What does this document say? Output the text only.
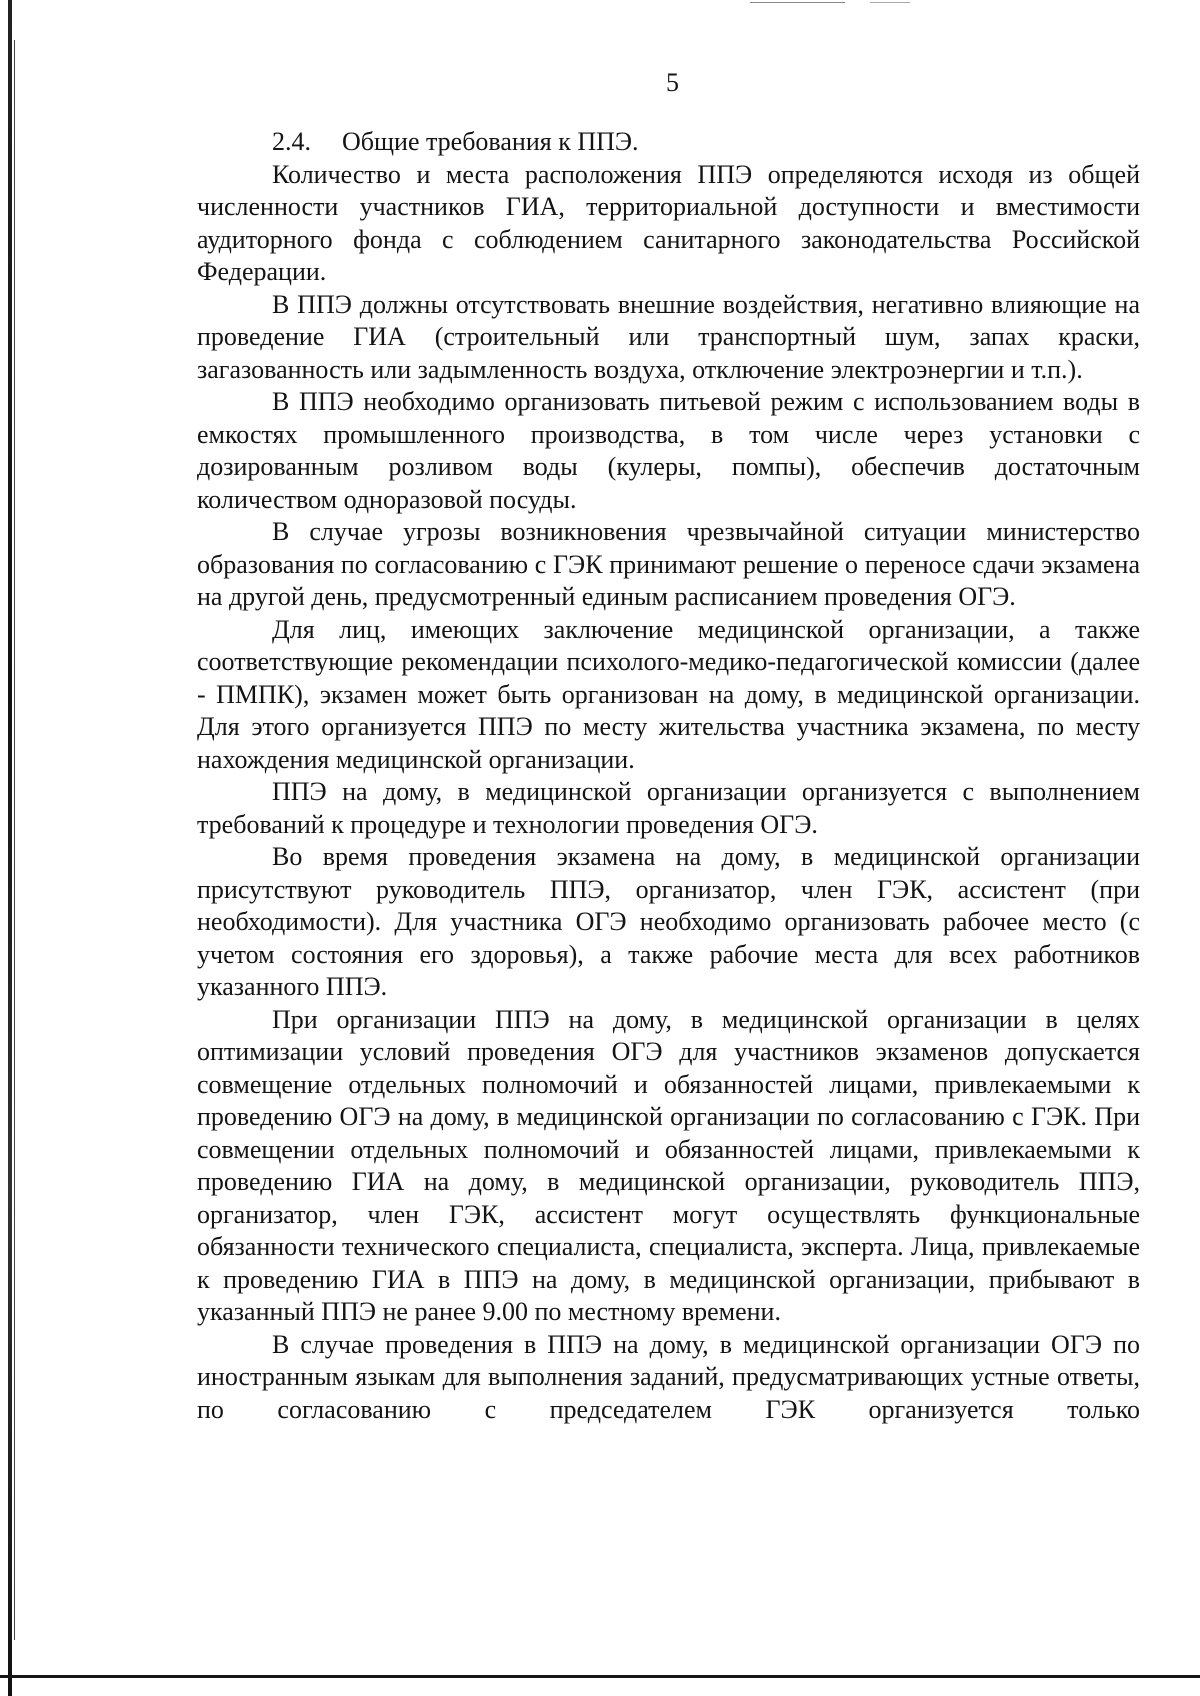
5

2.4. Общие требования к ППЭ.

Количество и места расположения ППЭ определяются исходя из общей численности участников ГИА, территориальной доступности и вместимости аудиторного фонда с соблюдением санитарного законодательства Российской Федерации.

В ППЭ должны отсутствовать внешние воздействия, негативно влияющие на проведение ГИА (строительный или транспортный шум, запах краски, загазованность или задымленность воздуха, отключение электроэнергии и т.п.).

В ППЭ необходимо организовать питьевой режим с использованием воды в емкостях промышленного производства, в том числе через установки с дозированным розливом воды (кулеры, помпы), обеспечив достаточным количеством одноразовой посуды.

В случае угрозы возникновения чрезвычайной ситуации министерство образования по согласованию с ГЭК принимают решение о переносе сдачи экзамена на другой день, предусмотренный единым расписанием проведения ОГЭ.

Для лиц, имеющих заключение медицинской организации, а также соответствующие рекомендации психолого-медико-педагогической комиссии (далее - ПМПК), экзамен может быть организован на дому, в медицинской организации. Для этого организуется ППЭ по месту жительства участника экзамена, по месту нахождения медицинской организации.

ППЭ на дому, в медицинской организации организуется с выполнением требований к процедуре и технологии проведения ОГЭ.

Во время проведения экзамена на дому, в медицинской организации присутствуют руководитель ППЭ, организатор, член ГЭК, ассистент (при необходимости). Для участника ОГЭ необходимо организовать рабочее место (с учетом состояния его здоровья), а также рабочие места для всех работников указанного ППЭ.

При организации ППЭ на дому, в медицинской организации в целях оптимизации условий проведения ОГЭ для участников экзаменов допускается совмещение отдельных полномочий и обязанностей лицами, привлекаемыми к проведению ОГЭ на дому, в медицинской организации по согласованию с ГЭК. При совмещении отдельных полномочий и обязанностей лицами, привлекаемыми к проведению ГИА на дому, в медицинской организации, руководитель ППЭ, организатор, член ГЭК, ассистент могут осуществлять функциональные обязанности технического специалиста, специалиста, эксперта. Лица, привлекаемые к проведению ГИА в ППЭ на дому, в медицинской организации, прибывают в указанный ППЭ не ранее 9.00 по местному времени.

В случае проведения в ППЭ на дому, в медицинской организации ОГЭ по иностранным языкам для выполнения заданий, предусматривающих устные ответы, по согласованию с председателем ГЭК организуется только
